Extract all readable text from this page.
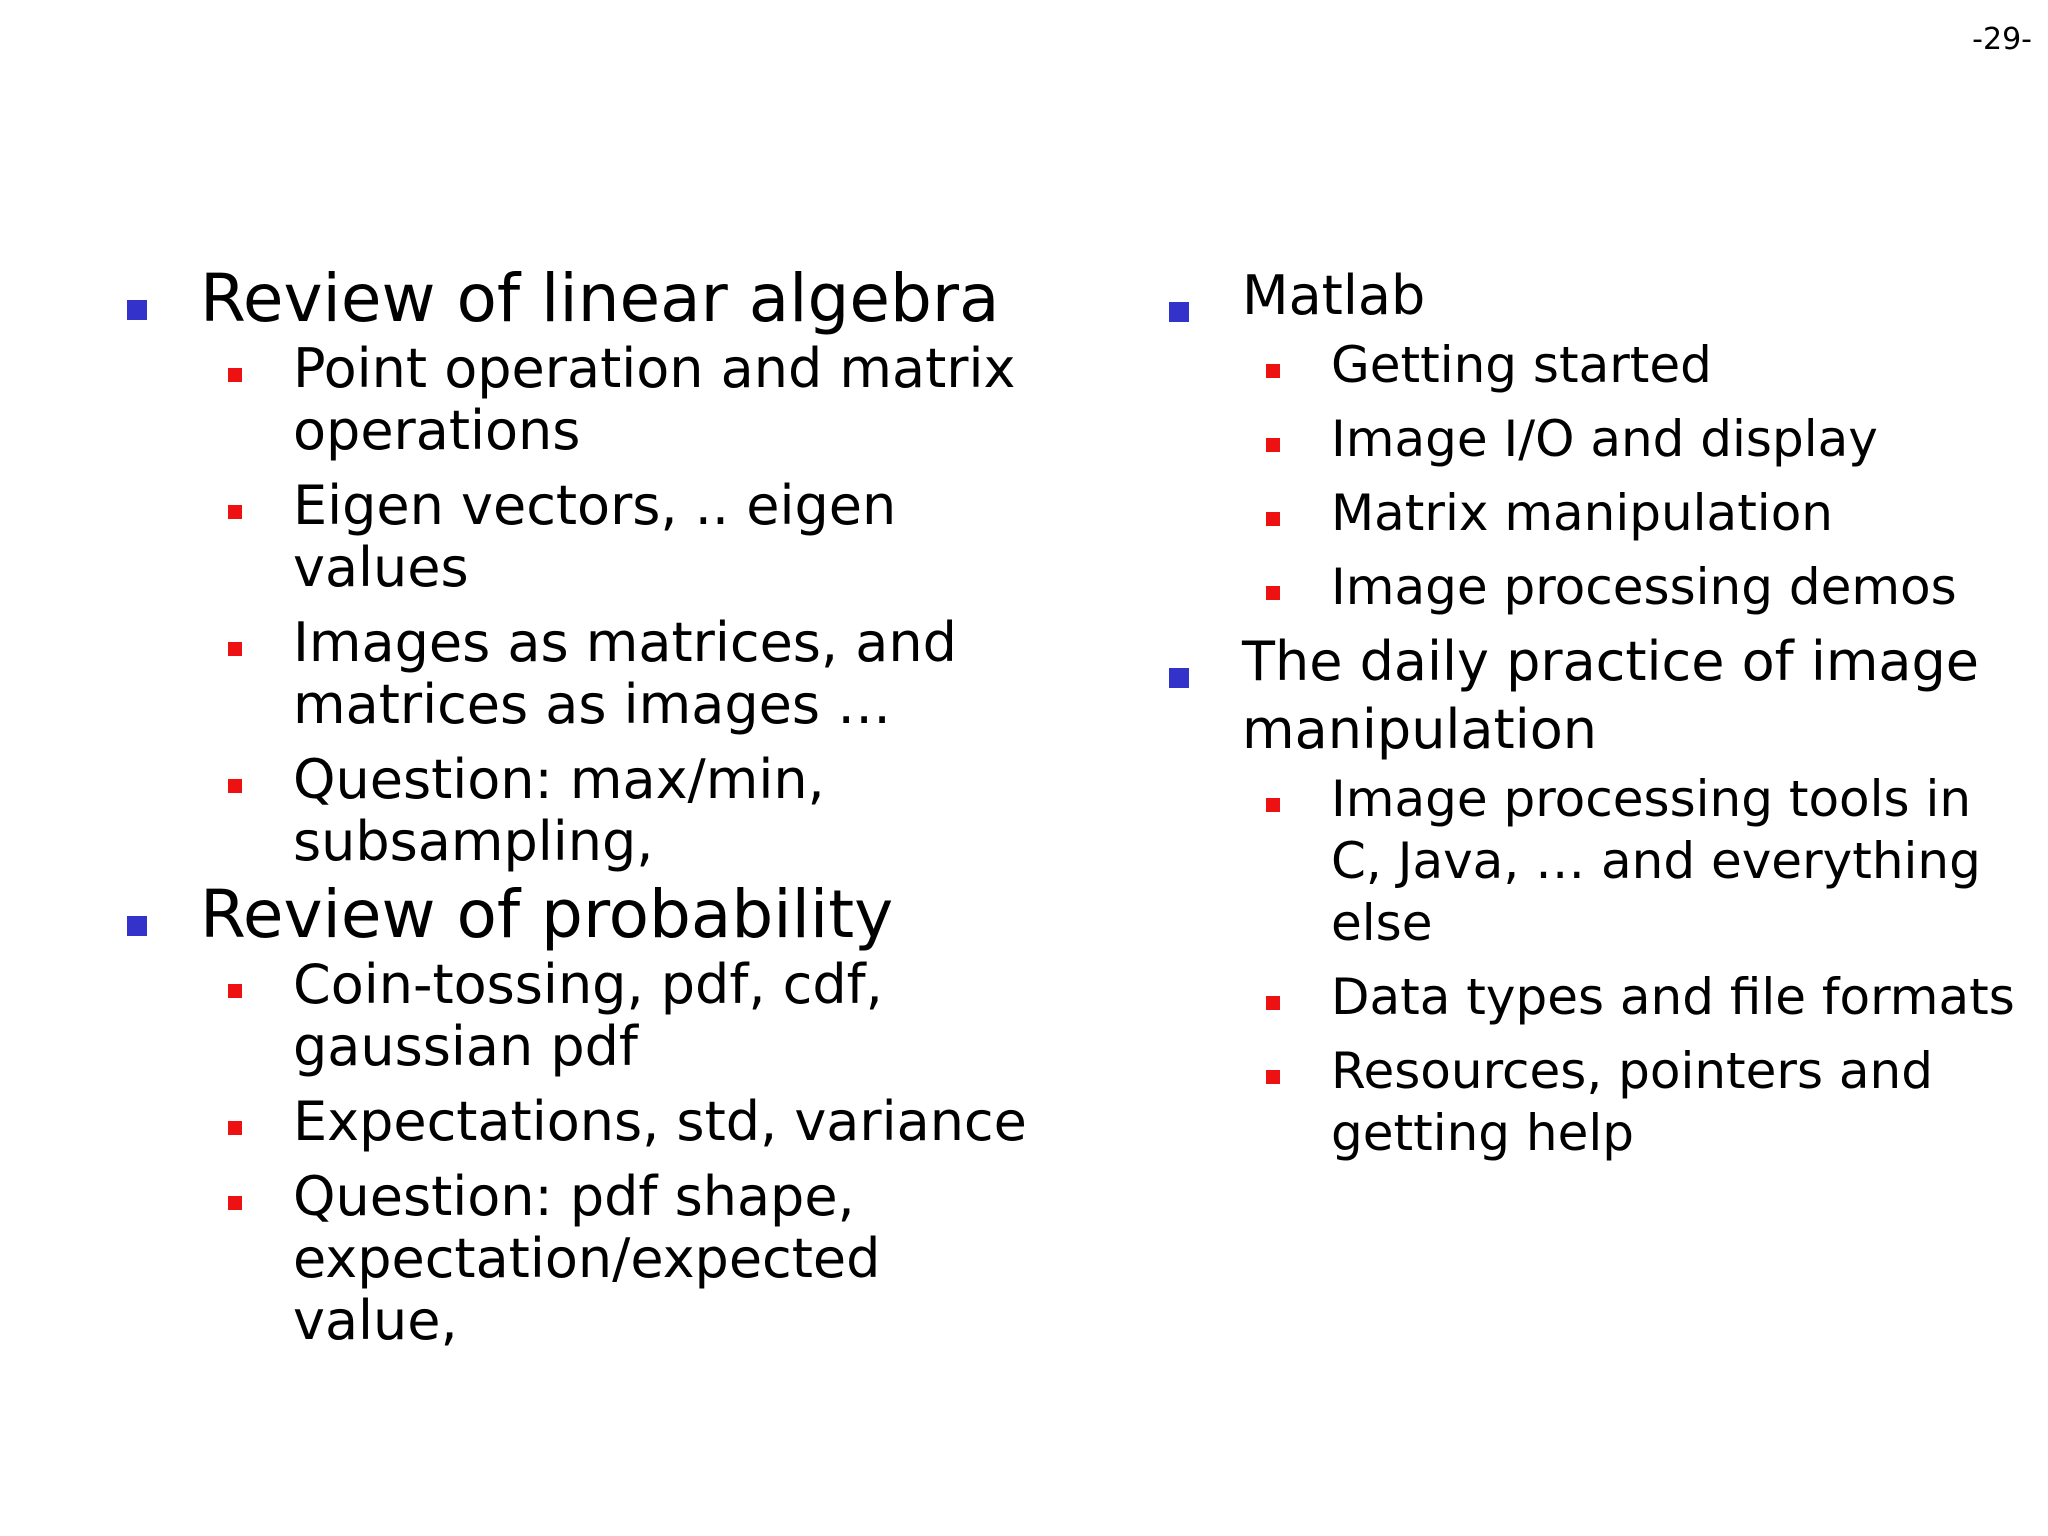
-29-
Review of linear algebra
Point operation and matrix operations
Eigen vectors, .. eigen values
Images as matrices, and matrices as images …
Question: max/min, subsampling,
Review of probability
Coin-tossing, pdf, cdf, gaussian pdf
Expectations, std, variance
Question: pdf shape, expectation/expected value,
Matlab
Getting started
Image I/O and display
Matrix manipulation
Image processing demos
The daily practice of image manipulation
Image processing tools in C, Java, … and everything else
Data types and file formats
Resources, pointers and getting help
